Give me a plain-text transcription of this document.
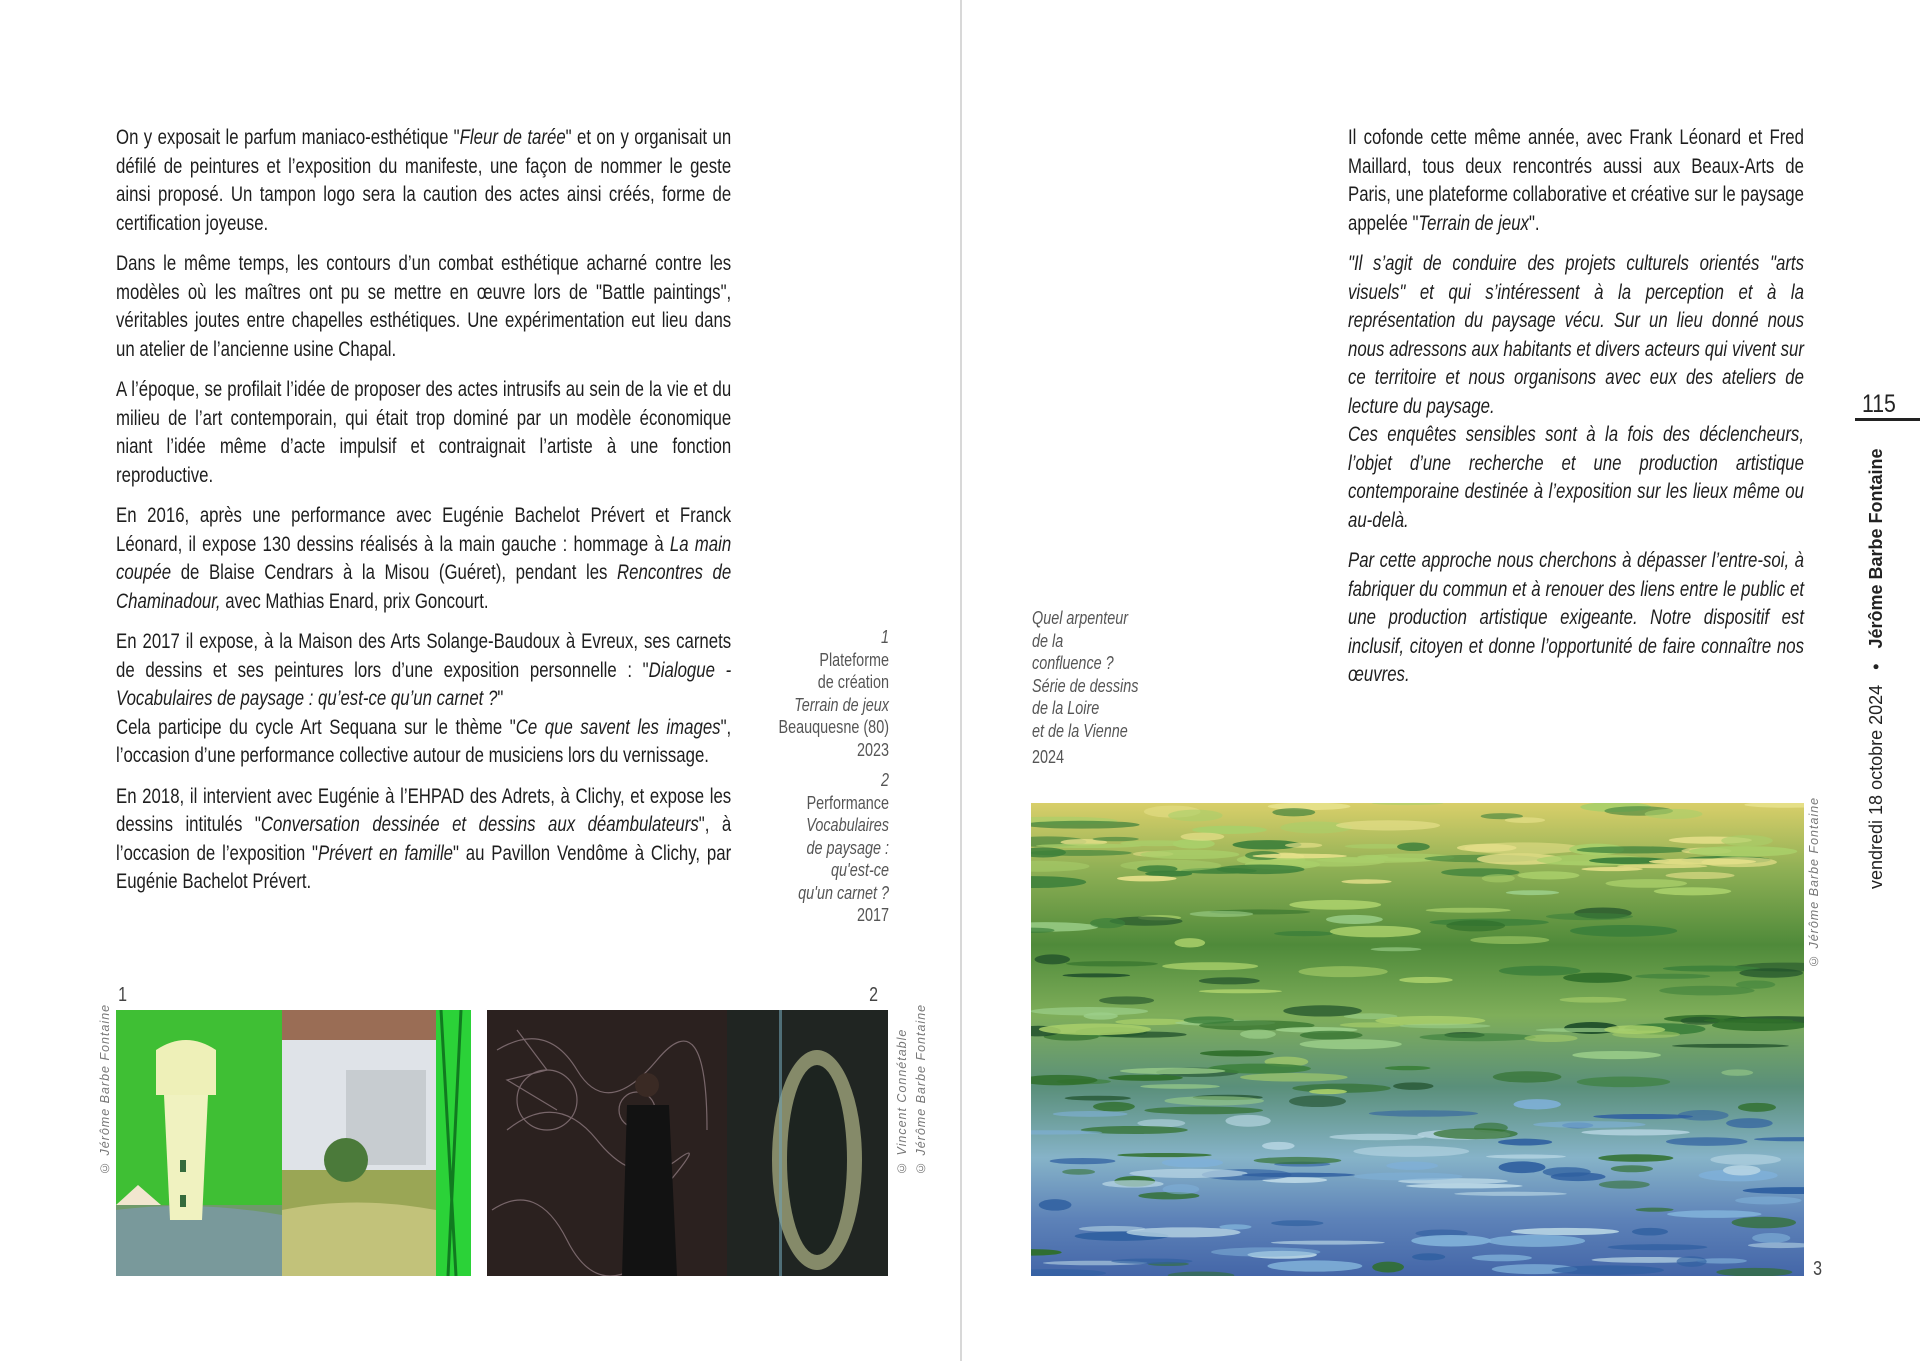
On y exposait le parfum maniaco-esthétique "Fleur de tarée" et on y organisait un défilé de peintures et l’exposition du manifeste, une façon de nommer le geste ainsi proposé. Un tampon logo sera la caution des actes ainsi créés, forme de certification joyeuse.

Dans le même temps, les contours d’un combat esthétique acharné contre les modèles où les maîtres ont pu se mettre en œuvre lors de "Battle paintings", véritables joutes entre chapelles esthétiques. Une expérimentation eut lieu dans un atelier de l’ancienne usine Chapal.

A l’époque, se profilait l’idée de proposer des actes intrusifs au sein de la vie et du milieu de l’art contemporain, qui était trop dominé par un modèle économique niant l’idée même d’acte impulsif et contraignait l’artiste à une fonction reproductive.

En 2016, après une performance avec Eugénie Bachelot Prévert et Franck Léonard, il expose 130 dessins réalisés à la main gauche : hommage à La main coupée de Blaise Cendrars à la Misou (Guéret), pendant les Rencontres de Chaminadour, avec Mathias Enard, prix Goncourt.

En 2017 il expose, à la Maison des Arts Solange-Baudoux à Evreux, ses carnets de dessins et ses peintures lors d’une exposition personnelle : "Dialogue - Vocabulaires de paysage : qu’est-ce qu’un carnet ?"
Cela participe du cycle Art Sequana sur le thème "Ce que savent les images", l’occasion d’une performance collective autour de musiciens lors du vernissage.

En 2018, il intervient avec Eugénie à l’EHPAD des Adrets, à Clichy, et expose les dessins intitulés "Conversation dessinée et dessins aux déambulateurs", à l’occasion de l’exposition "Prévert en famille" au Pavillon Vendôme à Clichy, par Eugénie Bachelot Prévert.

1
Plateforme
de création
Terrain de jeux
Beauquesne (80)
2023

2
Performance
Vocabulaires
de paysage :
qu'est-ce
qu'un carnet ?
2017

1
© Jérôme Barbe Fontaine
2
© Vincent Connétable © Jérôme Barbe Fontaine

Il cofonde cette même année, avec Frank Léonard et Fred Maillard, tous deux rencontrés aussi aux Beaux-Arts de Paris, une plateforme collaborative et créative sur le paysage appelée "Terrain de jeux".

"Il s’agit de conduire des projets culturels orientés "arts visuels" et qui s’intéressent à la perception et à la représentation du paysage vécu. Sur un lieu donné nous nous adressons aux habitants et divers acteurs qui vivent sur ce territoire et nous organisons avec eux des ateliers de lecture du paysage.
Ces enquêtes sensibles sont à la fois des déclencheurs, l’objet d’une recherche et une production artistique contemporaine destinée à l’exposition sur les lieux même ou au-delà.

Par cette approche nous cherchons à dépasser l’entre-soi, à fabriquer du commun et à renouer des liens entre le public et une production artistique exigeante. Notre dispositif est inclusif, citoyen et donne l’opportunité de faire connaître nos œuvres.

Quel arpenteur
de la
confluence ?
Série de dessins
de la Loire
et de la Vienne
2024
© Jérôme Barbe Fontaine
3
115
vendredi 18 octobre 2024   •   Jérôme Barbe Fontaine
